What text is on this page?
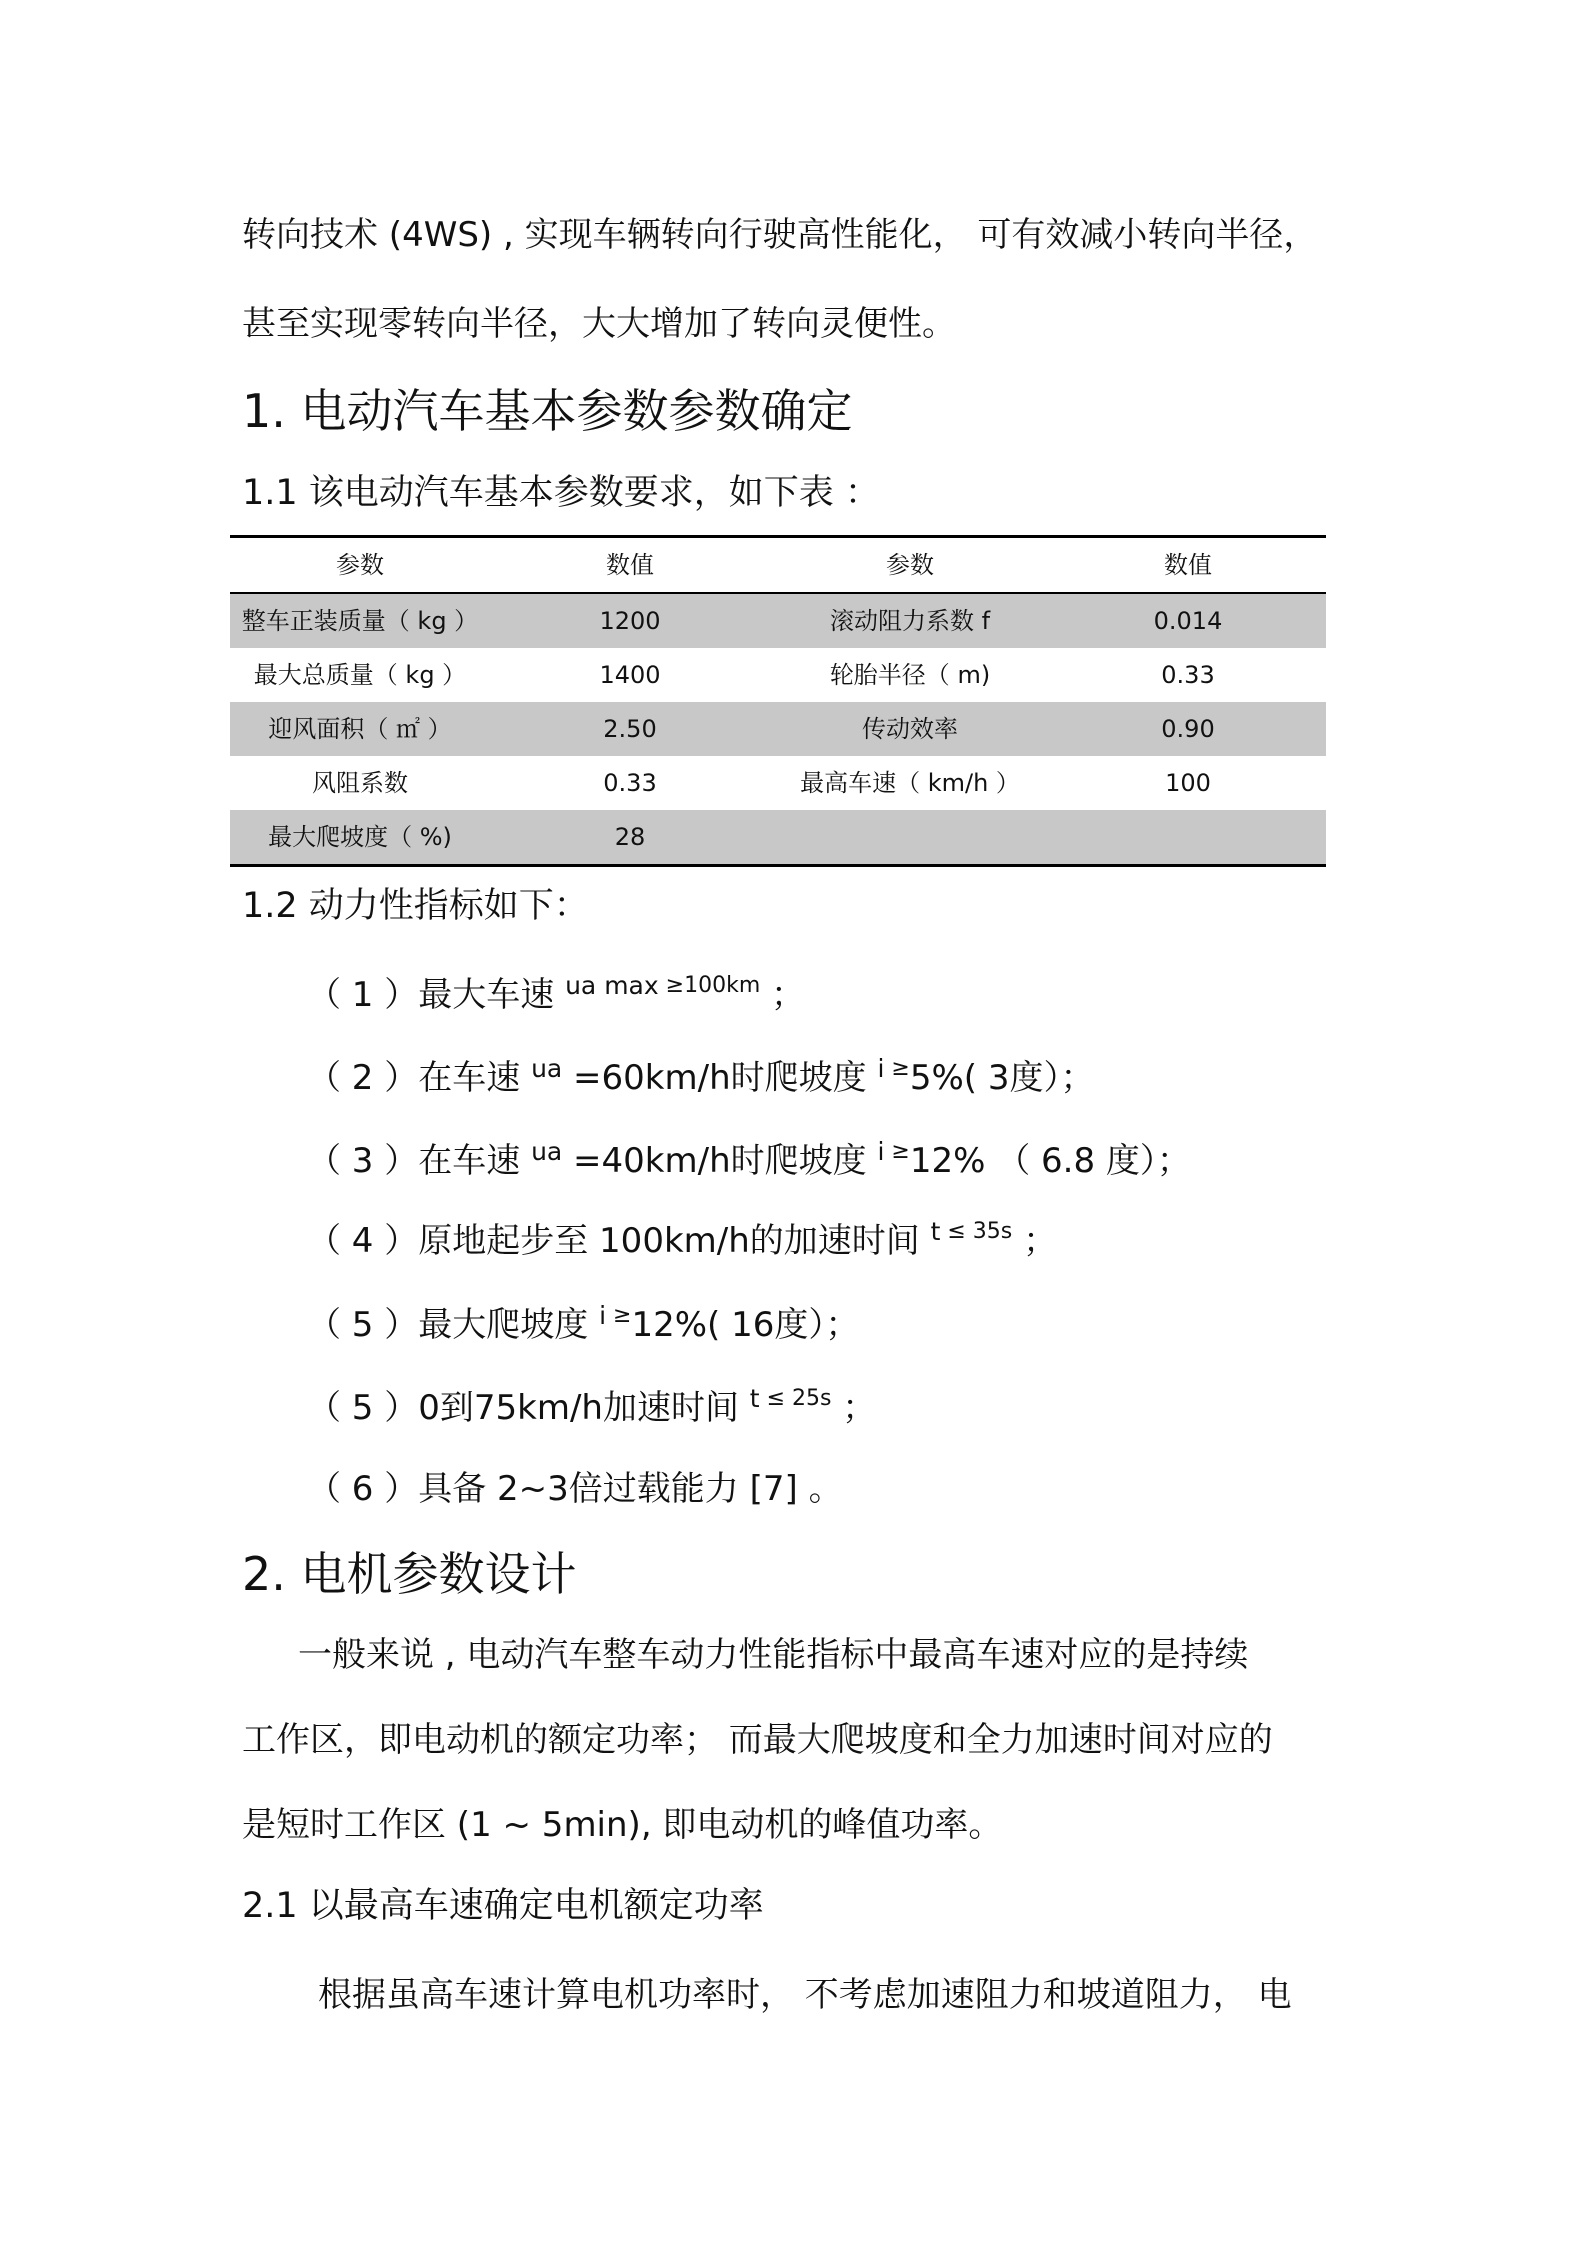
转向技术 (4WS) , 实现车辆转向行驶高性能化， 可有效减小转向半径，
甚至实现零转向半径，大大增加了转向灵便性。
1. 电动汽车基本参数参数确定
1.1 该电动汽车基本参数要求，如下表 ：
参数	数值	参数	数值
整车正装质量（ kg ）	1200	滚动阻力系数 f	0.014
最大总质量（ kg ）	1400	轮胎半径（ m)	0.33
迎风面积（ ㎡ ）	2.50	传动效率	0.90
风阻系数	0.33	最高车速（ km/h ）	100
最大爬坡度（ %)	28
1.2 动力性指标如下：
（ 1 ）最大车速 $^{ua max}$ $^{\ge 100km}$ ；
（ 2 ）在车速 $^{ua}$ =60km/h时爬坡度 $^i$ ≥5%( 3度）；
（ 3 ）在车速 $^{ua}$ =40km/h时爬坡度 $^i$ ≥12% （ 6.8 度）；
（ 4 ）原地起步至 100km/h的加速时间 $^t$ $^{\le 35s}$ ；
（ 5 ）最大爬坡度 $^i$ ≥12%( 16度）；
（ 5 ）0到75km/h加速时间 $^t$ $^{\le 25s}$ ；
（ 6 ）具备 2~3倍过载能力 [7] 。
2. 电机参数设计
一般来说 , 电动汽车整车动力性能指标中最高车速对应的是持续
工作区，即电动机的额定功率； 而最大爬坡度和全力加速时间对应的
是短时工作区 (1 ~ 5min), 即电动机的峰值功率。
2.1 以最高车速确定电机额定功率
根据虽高车速计算电机功率时， 不考虑加速阻力和坡道阻力， 电
